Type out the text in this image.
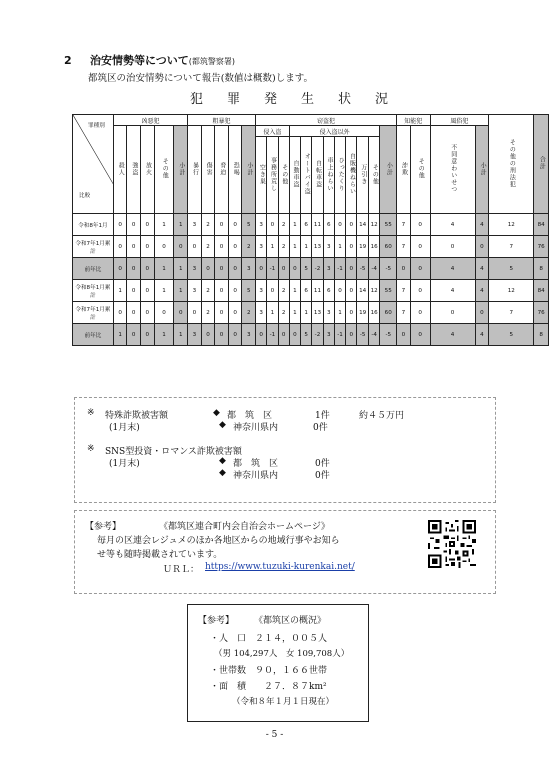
2 治安情勢等について(都筑警察署)
都筑区の治安情勢について報告(数値は概数)します。
犯罪発生状況
罪種別
比較	凶悪犯					粗暴犯					窃盗犯												知能犯		風俗犯		その他の刑法犯	合計
	殺人	強盗	放火	その他	小計	暴行	傷害	脅迫	恐喝	小計	侵入盗			侵入盗以外								小計	詐欺	その他	不同意わいせつ	小計		
											空き巣	事務所荒し	その他	自動車盗	オートバイ盗	自転車盗	車上ねらい	ひったくり	自販機ねらい	万引き	その他							
令和8年1月	0	0	0	1	1	3	2	0	0	5	3	0	2	1	6	11	6	0	0	14	12	55	7	0	4	4	12	84
令和7年1月累計	0	0	0	0	0	0	2	0	0	2	3	1	2	1	1	13	3	1	0	19	16	60	7	0	0	0	7	76
前年比	0	0	0	1	1	3	0	0	0	3	0	-1	0	0	5	-2	3	-1	0	-5	-4	-5	0	0	4	4	5	8
令和8年1月累計	1	0	0	1	1	3	2	0	0	5	3	0	2	1	6	11	6	0	0	14	12	55	7	0	4	4	12	84
令和7年1月累計	0	0	0	0	0	0	2	0	0	2	3	1	2	1	1	13	3	1	0	19	16	60	7	0	0	0	7	76
前年比	1	0	0	1	1	3	0	0	0	3	0	-1	0	0	5	-2	3	-1	0	-5	-4	-5	0	0	4	4	5	8
※ 特殊詐欺被害額	◆ 都　筑　区	1件	約４５万円
(1月末)	◆ 神奈川県内	0件
※ SNS型投資・ロマンス詐欺被害額
(1月末)	◆ 都　筑　区	0件
◆ 神奈川県内	0件
【参考】	《都筑区連合町内会自治会ホームページ》
毎月の区連会レジュメのほか各地区からの地域行事やお知ら
せ等も随時掲載されています。
ＵＲＬ： https://www.tuzuki-kurenkai.net/
【参考】 《都筑区の概況》
・人　口　２１４，００５人
（男 104,297人　女 109,708人）
・世帯数　９０，１６６世帯
・面　積　　２７．８７km²
（令和８年１月１日現在）
- 5 -
